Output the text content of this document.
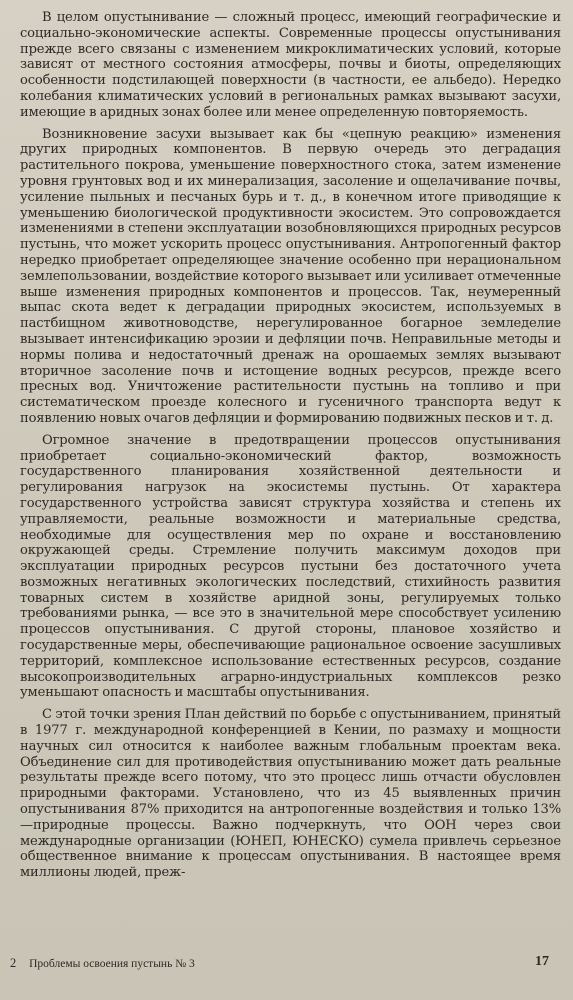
В целом опустынивание — сложный процесс, имеющий географические и социально-экономические аспекты. Современные процессы опустынивания прежде всего связаны с изменением микроклиматических условий, которые зависят от местного состояния атмосферы, почвы и биоты, определяющих особенности подстилающей поверхности (в частности, ее альбедо). Нередко колебания климатических условий в региональных рамках вызывают засухи, имеющие в аридных зонах более или менее определенную повторяемость.

Возникновение засухи вызывает как бы «цепную реакцию» изменения других природных компонентов. В первую очередь это деградация растительного покрова, уменьшение поверхностного стока, затем изменение уровня грунтовых вод и их минерализация, засоление и ощелачивание почвы, усиление пыльных и песчаных бурь и т. д., в конечном итоге приводящие к уменьшению биологической продуктивности экосистем. Это сопровождается изменениями в степени эксплуатации возобновляющихся природных ресурсов пустынь, что может ускорить процесс опустынивания. Антропогенный фактор нередко приобретает определяющее значение особенно при нерациональном землепользовании, воздействие которого вызывает или усиливает отмеченные выше изменения природных компонентов и процессов. Так, неумеренный выпас скота ведет к деградации природных экосистем, используемых в пастбищном животноводстве, нерегулированное богарное земледелие вызывает интенсификацию эрозии и дефляции почв. Неправильные методы и нормы полива и недостаточный дренаж на орошаемых землях вызывают вторичное засоление почв и истощение водных ресурсов, прежде всего пресных вод. Уничтожение растительности пустынь на топливо и при систематическом проезде колесного и гусеничного транспорта ведут к появлению новых очагов дефляции и формированию подвижных песков и т. д.

Огромное значение в предотвращении процессов опустынивания приобретает социально-экономический фактор, возможность государственного планирования хозяйственной деятельности и регулирования нагрузок на экосистемы пустынь. От характера государственного устройства зависят структура хозяйства и степень их управляемости, реальные возможности и материальные средства, необходимые для осуществления мер по охране и восстановлению окружающей среды. Стремление получить максимум доходов при эксплуатации природных ресурсов пустыни без достаточного учета возможных негативных экологических последствий, стихийность развития товарных систем в хозяйстве аридной зоны, регулируемых только требованиями рынка, — все это в значительной мере способствует усилению процессов опустынивания. С другой стороны, плановое хозяйство и государственные меры, обеспечивающие рациональное освоение засушливых территорий, комплексное использование естественных ресурсов, создание высокопроизводительных аграрно-индустриальных комплексов резко уменьшают опасность и масштабы опустынивания.

С этой точки зрения План действий по борьбе с опустыниванием, принятый в 1977 г. международной конференцией в Кении, по размаху и мощности научных сил относится к наиболее важным глобальным проектам века. Объединение сил для противодействия опустыниванию может дать реальные результаты прежде всего потому, что это процесс лишь отчасти обусловлен природными факторами. Установлено, что из 45 выявленных причин опустынивания 87% приходится на антропогенные воздействия и только 13%—природные процессы. Важно подчеркнуть, что ООН через свои международные организации (ЮНЕП, ЮНЕСКО) сумела привлечь серьезное общественное внимание к процессам опустынивания. В настоящее время миллионы людей, преж-

2 Проблемы освоения пустынь № 3	17
